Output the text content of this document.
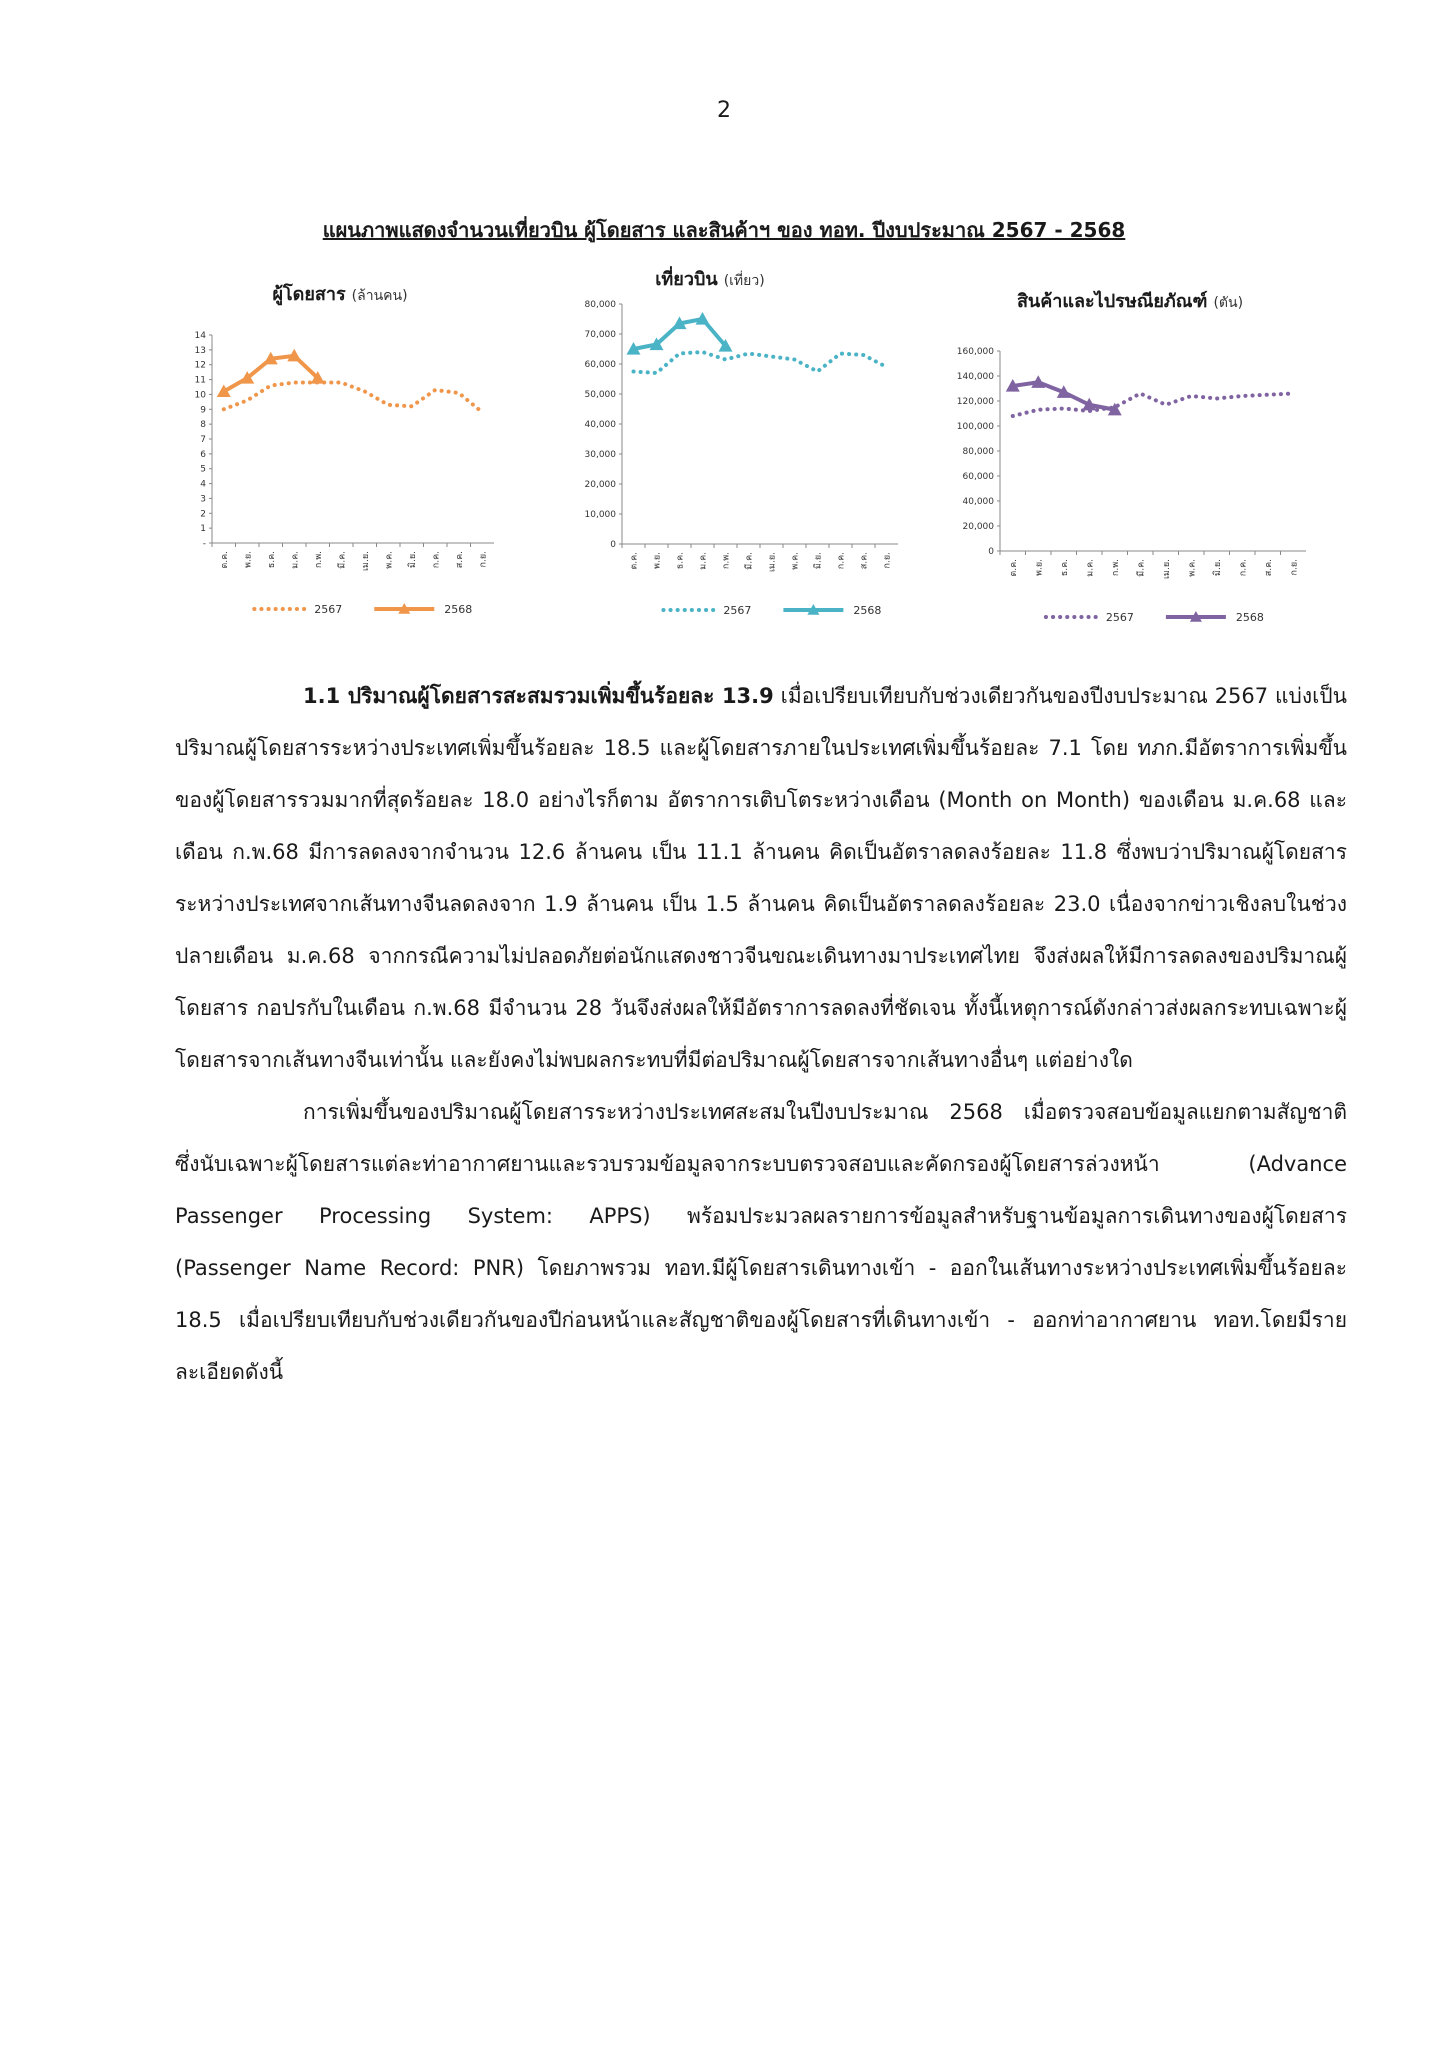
2
แผนภาพแสดงจำนวนเที่ยวบิน ผู้โดยสาร และสินค้าฯ ของ ทอท. ปีงบประมาณ 2567 - 2568
ผู้โดยสาร (ล้านคน)
-
1
2
3
4
5
6
7
8
9
10
11
12
13
14
ต.ค. พ.ย. ธ.ค. ม.ค. ก.พ. มี.ค. เม.ย. พ.ค. มิ.ย. ก.ค. ส.ค. ก.ย.
2567	2568
เที่ยวบิน (เที่ยว)
0
10,000
20,000
30,000
40,000
50,000
60,000
70,000
80,000
ต.ค. พ.ย. ธ.ค. ม.ค. ก.พ. มี.ค. เม.ย. พ.ค. มิ.ย. ก.ค. ส.ค. ก.ย.
2567	2568
สินค้าและไปรษณียภัณฑ์ (ตัน)
0
20,000
40,000
60,000
80,000
100,000
120,000
140,000
160,000
ต.ค. พ.ย. ธ.ค. ม.ค. ก.พ. มี.ค. เม.ย. พ.ค. มิ.ย. ก.ค. ส.ค. ก.ย.
2567	2568

1.1 ปริมาณผู้โดยสารสะสมรวมเพิ่มขึ้นร้อยละ 13.9 เมื่อเปรียบเทียบกับช่วงเดียวกันของปีงบประมาณ 2567 แบ่งเป็นปริมาณผู้โดยสารระหว่างประเทศเพิ่มขึ้นร้อยละ 18.5 และผู้โดยสารภายในประเทศเพิ่มขึ้นร้อยละ 7.1 โดย ทภก.มีอัตราการเพิ่มขึ้นของผู้โดยสารรวมมากที่สุดร้อยละ 18.0 อย่างไรก็ตาม อัตราการเติบโตระหว่างเดือน (Month on Month) ของเดือน ม.ค.68 และเดือน ก.พ.68 มีการลดลงจากจำนวน 12.6 ล้านคน เป็น 11.1 ล้านคน คิดเป็นอัตราลดลงร้อยละ 11.8 ซึ่งพบว่าปริมาณผู้โดยสารระหว่างประเทศจากเส้นทางจีนลดลงจาก 1.9 ล้านคน เป็น 1.5 ล้านคน คิดเป็นอัตราลดลงร้อยละ 23.0 เนื่องจากข่าวเชิงลบในช่วงปลายเดือน ม.ค.68 จากกรณีความไม่ปลอดภัยต่อนักแสดงชาวจีนขณะเดินทางมาประเทศไทย จึงส่งผลให้มีการลดลงของปริมาณผู้โดยสาร กอปรกับในเดือน ก.พ.68 มีจำนวน 28 วันจึงส่งผลให้มีอัตราการลดลงที่ชัดเจน ทั้งนี้เหตุการณ์ดังกล่าวส่งผลกระทบเฉพาะผู้โดยสารจากเส้นทางจีนเท่านั้น และยังคงไม่พบผลกระทบที่มีต่อปริมาณผู้โดยสารจากเส้นทางอื่นๆ แต่อย่างใด

การเพิ่มขึ้นของปริมาณผู้โดยสารระหว่างประเทศสะสมในปีงบประมาณ 2568 เมื่อตรวจสอบข้อมูลแยกตามสัญชาติ ซึ่งนับเฉพาะผู้โดยสารแต่ละท่าอากาศยานและรวบรวมข้อมูลจากระบบตรวจสอบและคัดกรองผู้โดยสารล่วงหน้า (Advance Passenger Processing System: APPS) พร้อมประมวลผลรายการข้อมูลสำหรับฐานข้อมูลการเดินทางของผู้โดยสาร (Passenger Name Record: PNR) โดยภาพรวม ทอท.มีผู้โดยสารเดินทางเข้า - ออกในเส้นทางระหว่างประเทศเพิ่มขึ้นร้อยละ 18.5 เมื่อเปรียบเทียบกับช่วงเดียวกันของปีก่อนหน้าและสัญชาติของผู้โดยสารที่เดินทางเข้า - ออกท่าอากาศยาน ทอท.โดยมีรายละเอียดดังนี้
